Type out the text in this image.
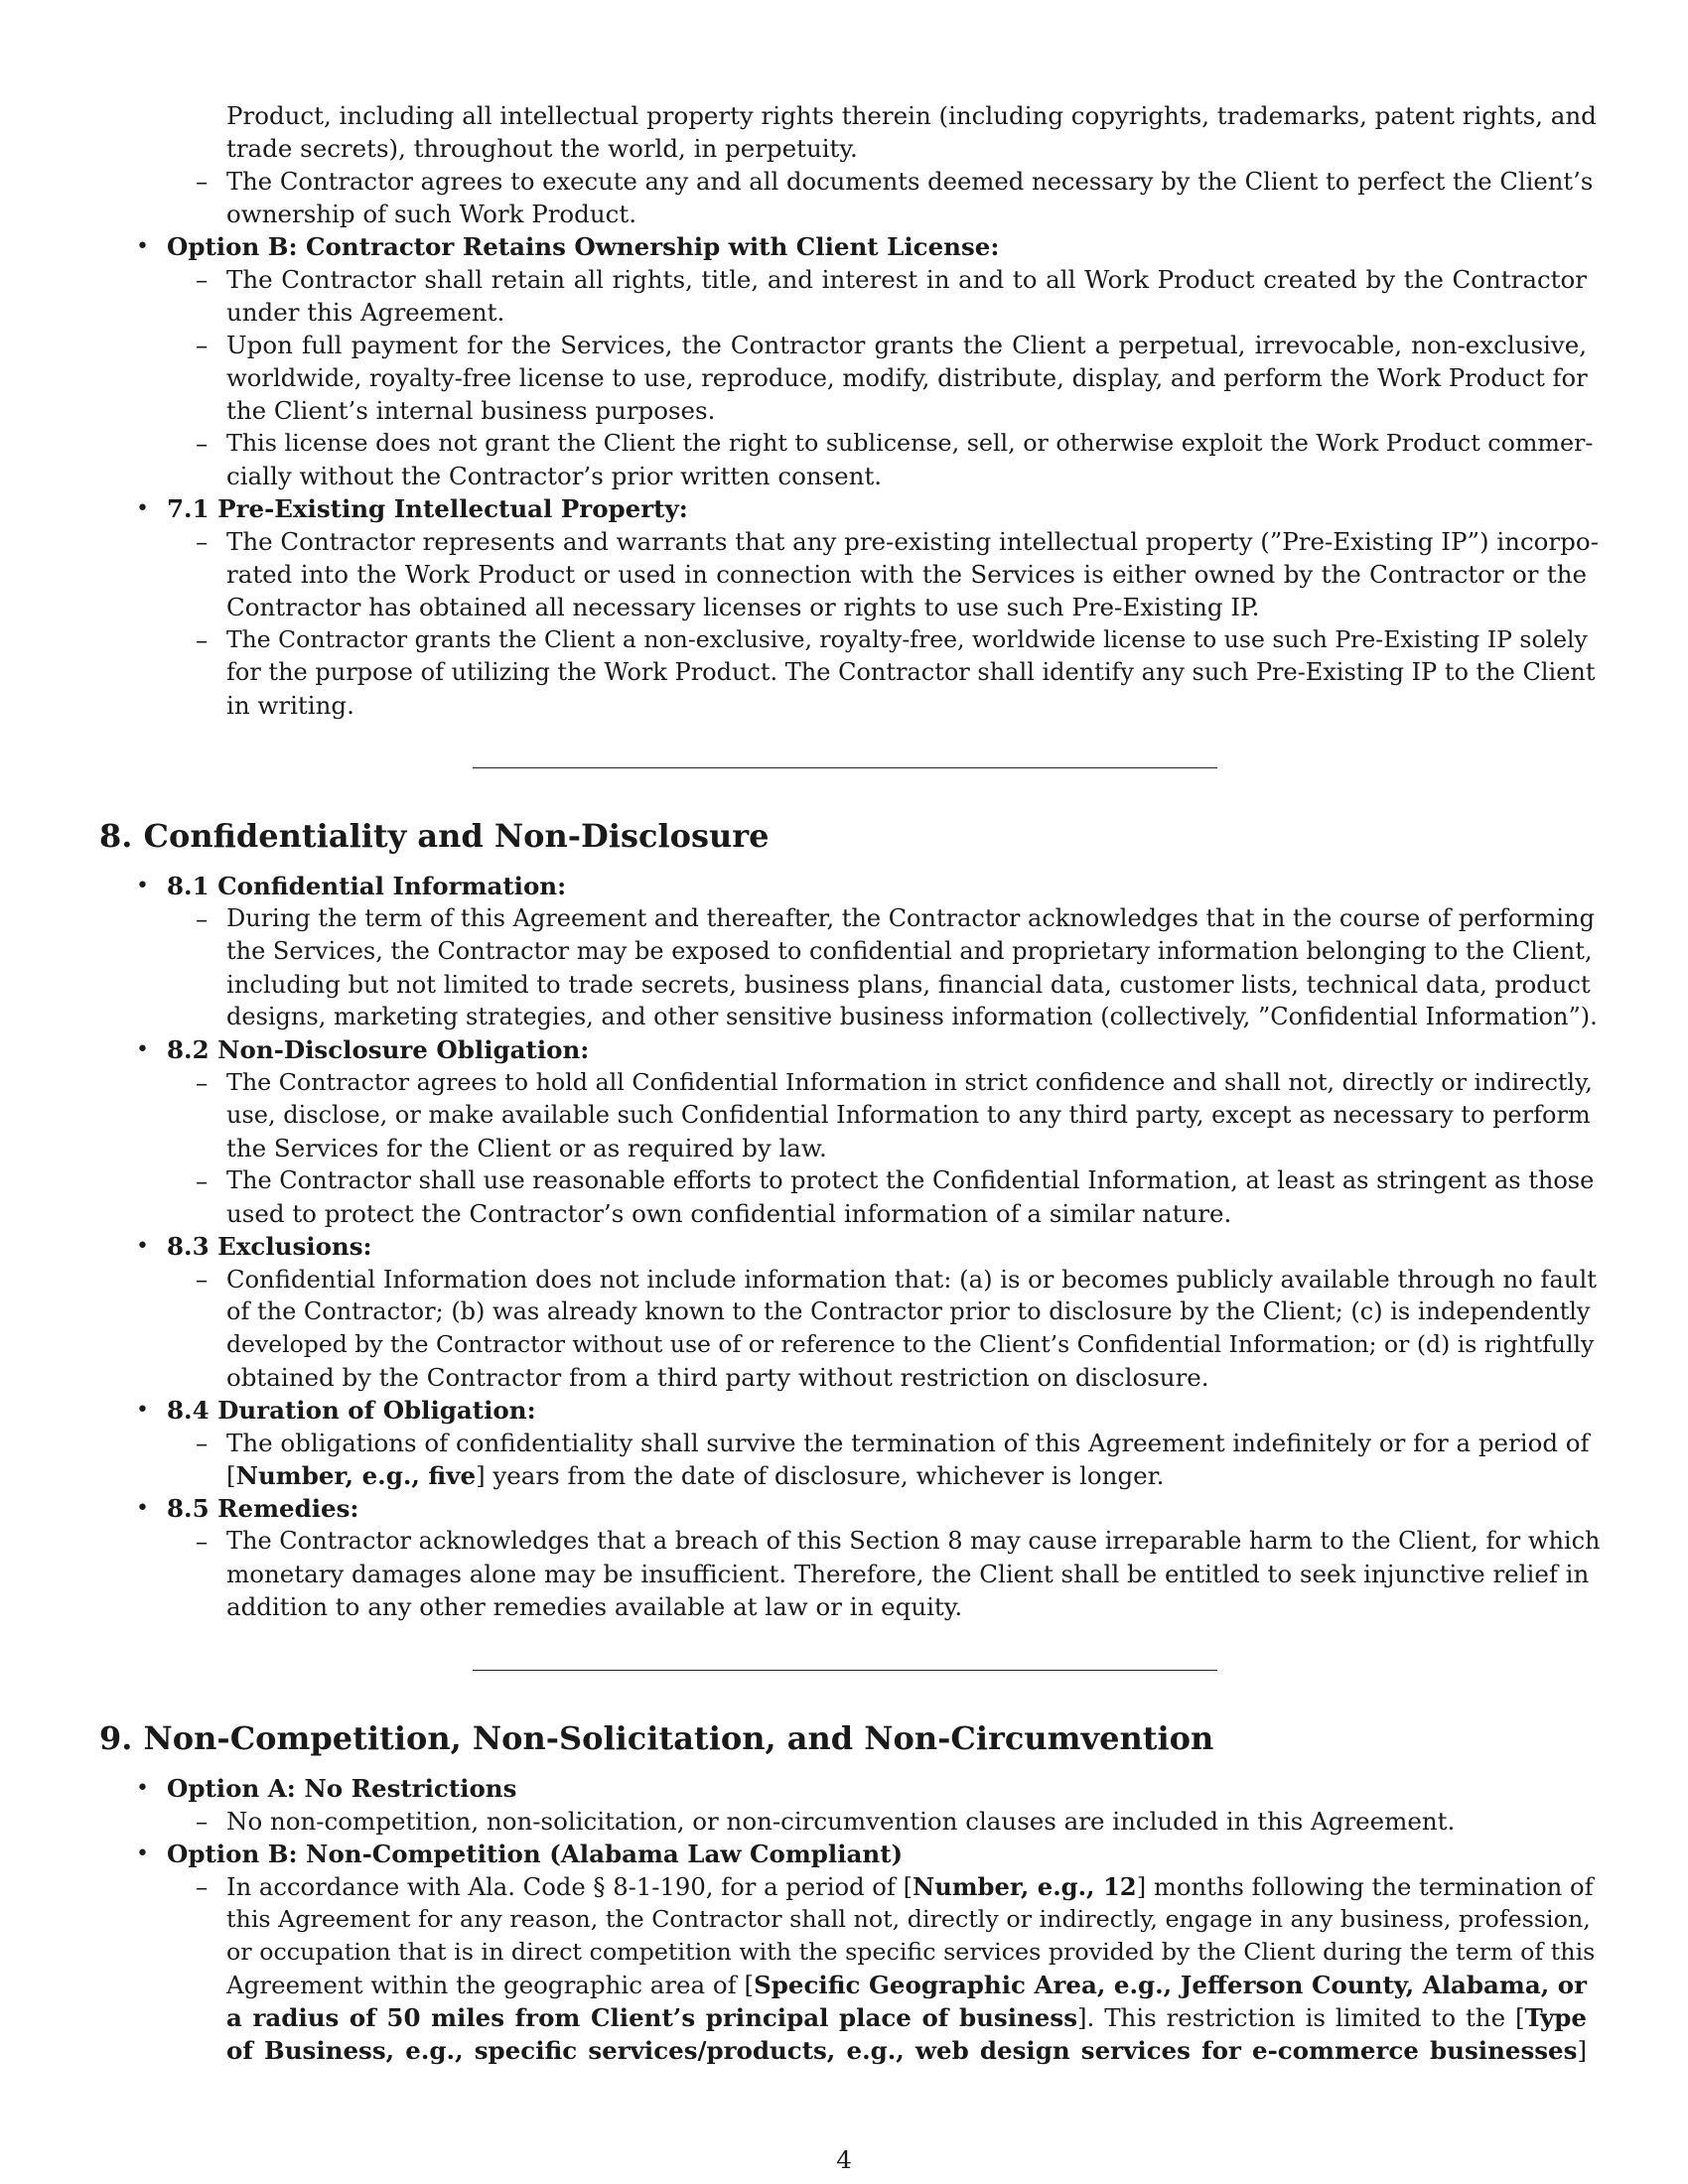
Product, including all intellectual property rights therein (including copyrights, trademarks, patent rights, and

trade secrets), throughout the world, in perpetuity.

– The Contractor agrees to execute any and all documents deemed necessary by the Client to perfect the Client’s

ownership of such Work Product.

• Option B: Contractor Retains Ownership with Client License:

– The Contractor shall retain all rights, title, and interest in and to all Work Product created by the Contractor

under this Agreement.

– Upon full payment for the Services, the Contractor grants the Client a perpetual, irrevocable, non-exclusive,

worldwide, royalty-free license to use, reproduce, modify, distribute, display, and perform the Work Product for

the Client’s internal business purposes.

– This license does not grant the Client the right to sublicense, sell, or otherwise exploit the Work Product commer-

cially without the Contractor’s prior written consent.

• 7.1 Pre-Existing Intellectual Property:

– The Contractor represents and warrants that any pre-existing intellectual property (”Pre-Existing IP”) incorpo-

rated into the Work Product or used in connection with the Services is either owned by the Contractor or the

Contractor has obtained all necessary licenses or rights to use such Pre-Existing IP.

– The Contractor grants the Client a non-exclusive, royalty-free, worldwide license to use such Pre-Existing IP solely

for the purpose of utilizing the Work Product. The Contractor shall identify any such Pre-Existing IP to the Client

in writing.

8. Confidentiality and Non-Disclosure
• 8.1 Confidential Information:

– During the term of this Agreement and thereafter, the Contractor acknowledges that in the course of performing

the Services, the Contractor may be exposed to confidential and proprietary information belonging to the Client,

including but not limited to trade secrets, business plans, financial data, customer lists, technical data, product

designs, marketing strategies, and other sensitive business information (collectively, ”Confidential Information”).

• 8.2 Non-Disclosure Obligation:

– The Contractor agrees to hold all Confidential Information in strict confidence and shall not, directly or indirectly,

use, disclose, or make available such Confidential Information to any third party, except as necessary to perform

the Services for the Client or as required by law.

– The Contractor shall use reasonable efforts to protect the Confidential Information, at least as stringent as those

used to protect the Contractor’s own confidential information of a similar nature.

• 8.3 Exclusions:

– Confidential Information does not include information that: (a) is or becomes publicly available through no fault

of the Contractor; (b) was already known to the Contractor prior to disclosure by the Client; (c) is independently

developed by the Contractor without use of or reference to the Client’s Confidential Information; or (d) is rightfully

obtained by the Contractor from a third party without restriction on disclosure.

• 8.4 Duration of Obligation:

– The obligations of confidentiality shall survive the termination of this Agreement indefinitely or for a period of

[Number, e.g., five] years from the date of disclosure, whichever is longer.

• 8.5 Remedies:

– The Contractor acknowledges that a breach of this Section 8 may cause irreparable harm to the Client, for which

monetary damages alone may be insufficient. Therefore, the Client shall be entitled to seek injunctive relief in

addition to any other remedies available at law or in equity.

9. Non-Competition, Non-Solicitation, and Non-Circumvention
• Option A: No Restrictions

– No non-competition, non-solicitation, or non-circumvention clauses are included in this Agreement.

• Option B: Non-Competition (Alabama Law Compliant)

– In accordance with Ala. Code § 8-1-190, for a period of [Number, e.g., 12] months following the termination of

this Agreement for any reason, the Contractor shall not, directly or indirectly, engage in any business, profession,

or occupation that is in direct competition with the specific services provided by the Client during the term of this

Agreement within the geographic area of [Specific Geographic Area, e.g., Jefferson County, Alabama, or

a radius of 50 miles from Client’s principal place of business]. This restriction is limited to the [Type

of Business, e.g., specific services/products, e.g., web design services for e-commerce businesses]

4
